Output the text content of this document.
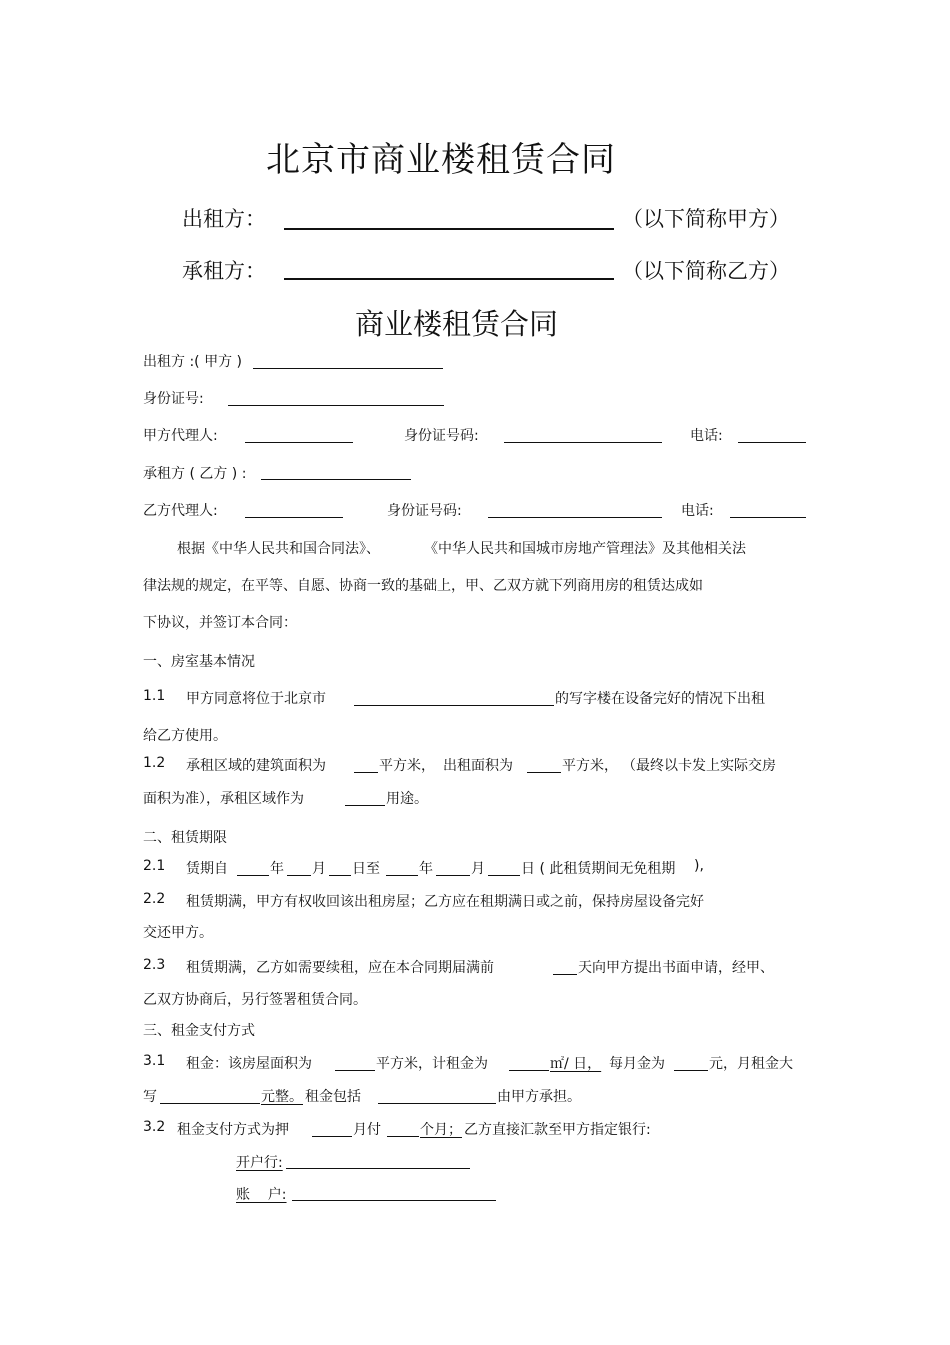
北京市商业楼租赁合同
出租方：	（以下简称甲方）
承租方：	（以下简称乙方）
商业楼租赁合同
出租方 :( 甲方 )
身份证号:
甲方代理人:	身份证号码:	电话:
承租方 ( 乙方 ) :
乙方代理人:	身份证号码:	电话:
根据《中华人民共和国合同法》、	《中华人民共和国城市房地产管理法》及其他相关法
律法规的规定，在平等、自愿、协商一致的基础上，甲、乙双方就下列商用房的租赁达成如
下协议，并签订本合同：
一、房室基本情况
1.1 甲方同意将位于北京市	的写字楼在设备完好的情况下出租
给乙方使用。
1.2 承租区域的建筑面积为	平方米， 出租面积为	平方米， （最终以卡发上实际交房
面积为准），承租区域作为	用途。
二、租赁期限
2.1 赁期自	年 月 日至	年	月	日 ( 此租赁期间无免租期 ),
2.2 租赁期满，甲方有权收回该出租房屋；乙方应在租期满日或之前，保持房屋设备完好
交还甲方。
2.3 租赁期满，乙方如需要续租，应在本合同期届满前	天向甲方提出书面申请，经甲、
乙双方协商后，另行签署租赁合同。
三、租金支付方式
3.1 租金：该房屋面积为	平方米，计租金为	㎡/ 日， 每月金为	元，月租金大
写	元整。 租金包括	由甲方承担。
3.2 租金支付方式为押	月付	个月； 乙方直接汇款至甲方指定银行:
开户行:
账    户:
